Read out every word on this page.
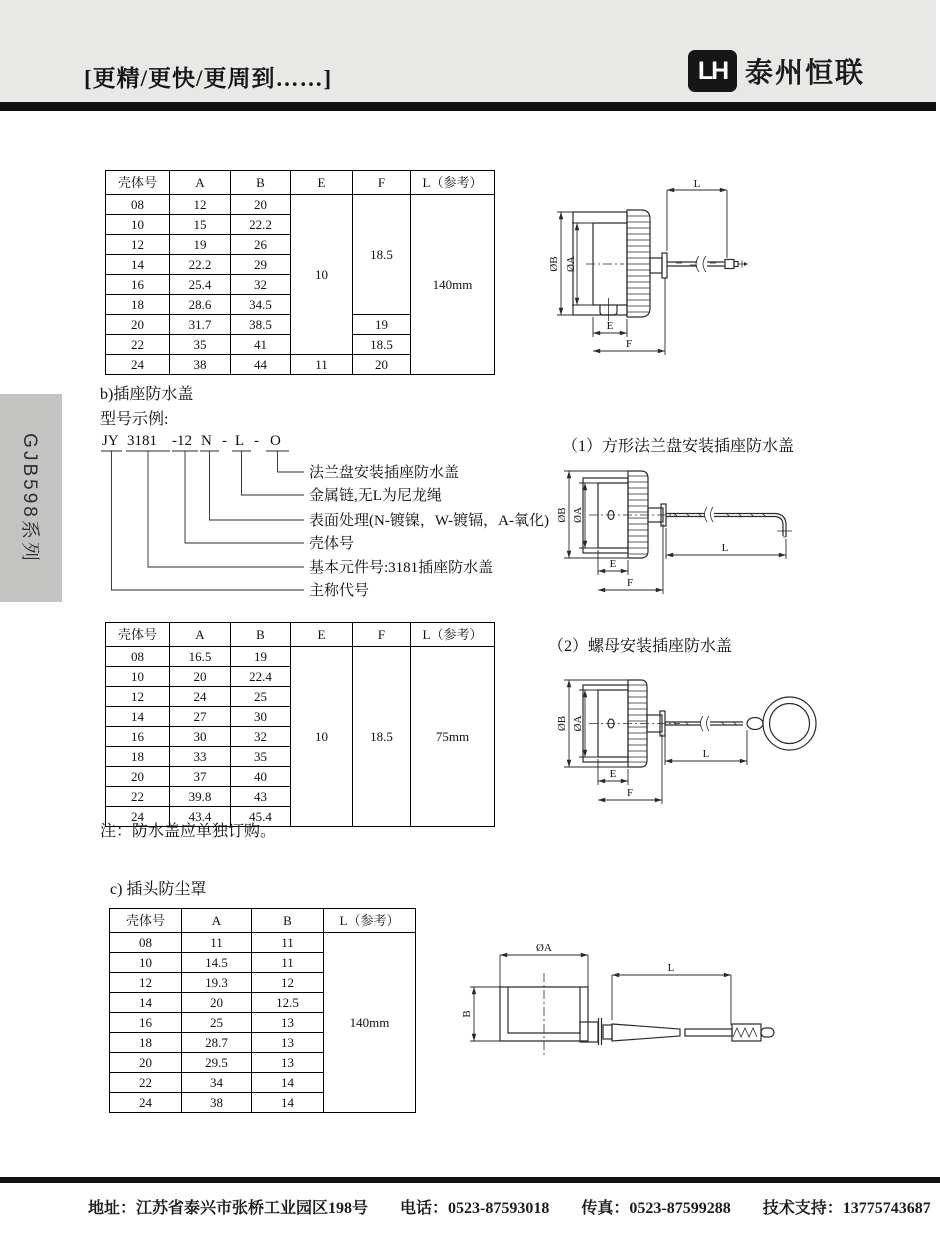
[更精/更快/更周到……]	LH 泰州恒联
GJB598系列
壳体号	A	B	E	F	L（参考）
08	12	20	10	18.5	140mm
10	15	22.2			
12	19	26			
14	22.2	29			
16	25.4	32			
18	28.6	34.5			
20	31.7	38.5		19	
22	35	41		18.5	
24	38	44	11	20	
ØB ØA
L
E
F
b)插座防水盖
型号示例:
JY 3181 -12 N - L - O
法兰盘安装插座防水盖
金属链,无L为尼龙绳
表面处理(N-镀镍，W-镀镉，A-氧化)
壳体号
基本元件号:3181插座防水盖
主称代号
（1）方形法兰盘安装插座防水盖
ØB ØA
L
E
F
壳体号	A	B	E	F	L（参考）
08	16.5	19	10	18.5	75mm
10	20	22.4			
12	24	25			
14	27	30			
16	30	32			
18	33	35			
20	37	40			
22	39.8	43			
24	43.4	45.4			
注：防水盖应单独订购。
（2）螺母安装插座防水盖
ØB ØA
L
E
F
c) 插头防尘罩
壳体号	A	B	L（参考）
08	11	11	140mm
10	14.5	11	
12	19.3	12	
14	20	12.5	
16	25	13	
18	28.7	13	
20	29.5	13	
22	34	14	
24	38	14	
ØA
B
L
地址：江苏省泰兴市张桥工业园区198号 电话：0523-87593018 传真：0523-87599288 技术支持：13775743687
